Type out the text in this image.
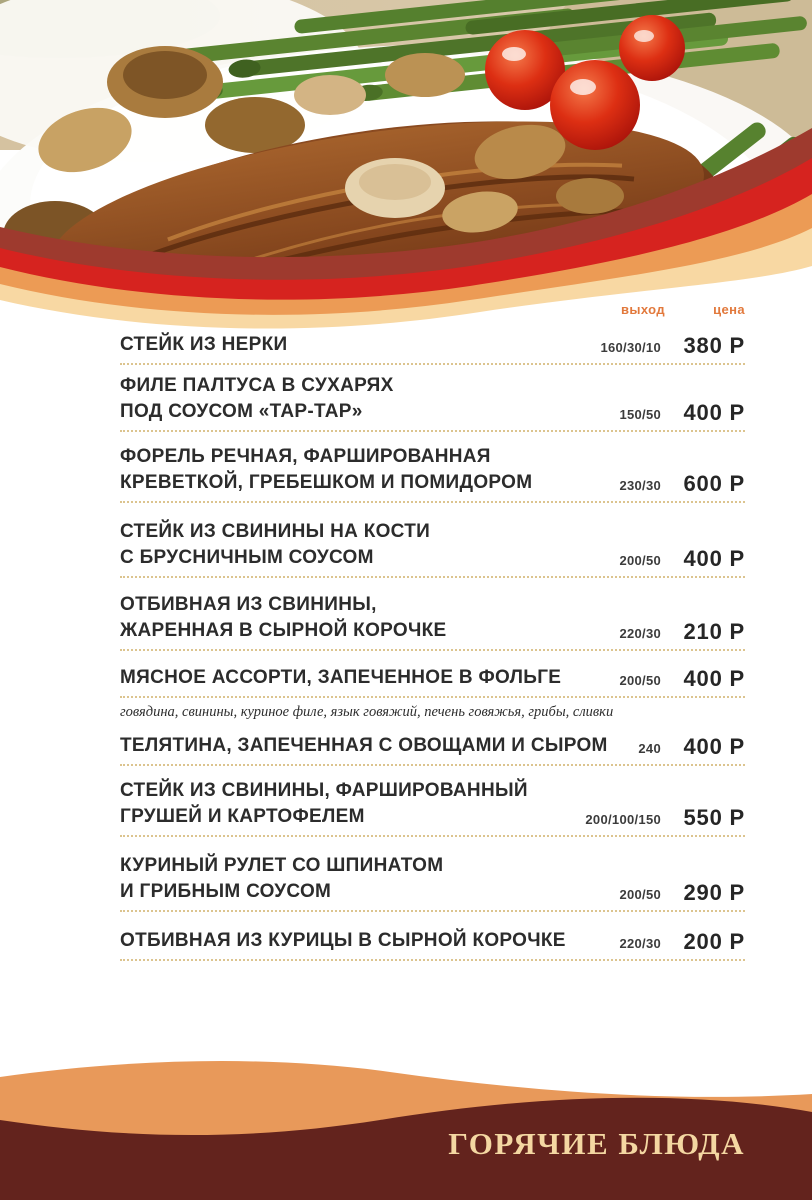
выход	цена
СТЕЙК ИЗ НЕРКИ	160/30/10	380 Р
ФИЛЕ ПАЛТУСА В СУХАРЯХ
ПОД СОУСОМ «ТАР-ТАР»	150/50	400 Р
ФОРЕЛЬ РЕЧНАЯ, ФАРШИРОВАННАЯ
КРЕВЕТКОЙ, ГРЕБЕШКОМ И ПОМИДОРОМ	230/30	600 Р
СТЕЙК ИЗ СВИНИНЫ НА КОСТИ
С БРУСНИЧНЫМ СОУСОМ	200/50	400 Р
ОТБИВНАЯ ИЗ СВИНИНЫ,
ЖАРЕННАЯ В СЫРНОЙ КОРОЧКЕ	220/30	210 Р
МЯСНОЕ АССОРТИ, ЗАПЕЧЕННОЕ В ФОЛЬГЕ	200/50	400 Р
говядина, свинины, куриное филе, язык говяжий, печень говяжья, грибы, сливки
ТЕЛЯТИНА, ЗАПЕЧЕННАЯ С ОВОЩАМИ И СЫРОМ	240	400 Р
СТЕЙК ИЗ СВИНИНЫ, ФАРШИРОВАННЫЙ
ГРУШЕЙ И КАРТОФЕЛЕМ	200/100/150	550 Р
КУРИНЫЙ РУЛЕТ СО ШПИНАТОМ
И ГРИБНЫМ СОУСОМ	200/50	290 Р
ОТБИВНАЯ ИЗ КУРИЦЫ В СЫРНОЙ КОРОЧКЕ	220/30	200 Р
ГОРЯЧИЕ БЛЮДА
